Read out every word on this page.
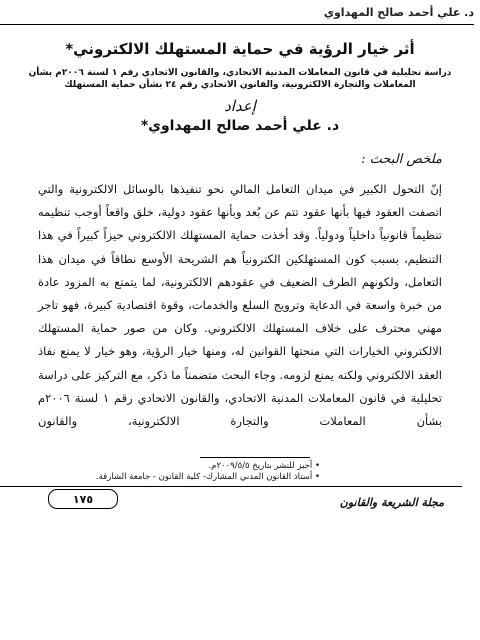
د. علي أحمد صالح المهداوي
أثر خيار الرؤية في حماية المستهلك الالكتروني*
دراسة تحليلية في قانون المعاملات المدنية الاتحادي، والقانون الاتحادي رقم ١ لسنة ٢٠٠٦م بشأن المعاملات والتجارة الالكترونية، والقانون الاتحادي رقم ٢٤ بشأن حماية المستهلك
إعداد
د. علي أحمد صالح المهداوي*
ملخص البحث :

إنّ التحول الكبير في ميدان التعامل المالي نحو تنفيذها بالوسائل الالكترونية والتي اتصفت العقود فيها بأنها عقود تتم عن بُعد وبأنها عقود دولية، خلق واقعاً أوجب تنظيمه تنظيماً قانونياً داخلياً ودولياً. وقد أخذت حماية المستهلك الالكتروني حيزاً كبيراً في هذا التنظيم، بسبب كون المستهلكين الكترونياً هم الشريحة الأوسع نطاقاً في ميدان هذا التعامل، ولكونهم الطرف الضعيف في عقودهم الالكترونية، لما يتمتع به المزود عادة من خبرة واسعة في الدعاية وترويج السلع والخدمات، وقوة اقتصادية كبيرة، فهو تاجر مهني محترف على خلاف المستهلك الالكتروني. وكان من صور حماية المستهلك الالكتروني الخيارات التي منحتها القوانين له، ومنها خيار الرؤية، وهو خيار لا يمنع نفاذ العقد الالكتروني ولكنه يمنع لزومه. وجاء البحث متضمناً ما ذكر، مع التركيز على دراسة تحليلية في قانون المعاملات المدنية الاتحادي، والقانون الاتحادي رقم ١ لسنة ٢٠٠٦م بشأن المعاملات والتجارة الالكترونية، والقانون

• أجيز للنشر بتاريخ ٢٠٠٩/٥/٥م.
• أستاذ القانون المدني المشارك- كلية القانون - جامعة الشارقة.
١٧٥	مجلة الشريعة والقانون
